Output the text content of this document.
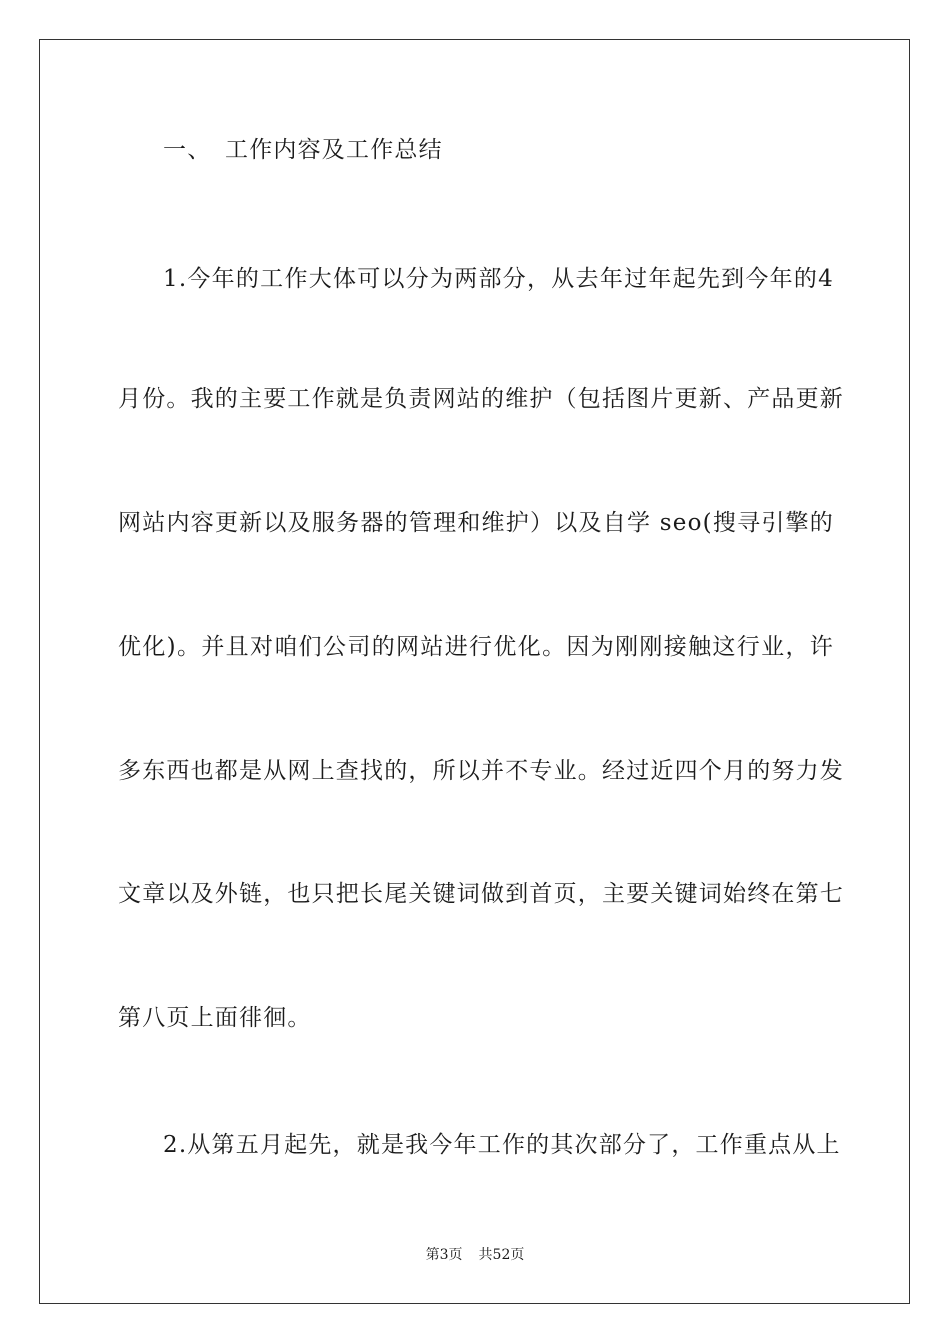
一、 工作内容及工作总结
1.今年的工作大体可以分为两部分，从去年过年起先到今年的4
月份。我的主要工作就是负责网站的维护（包括图片更新、产品更新
网站内容更新以及服务器的管理和维护）以及自学 seo(搜寻引擎的
优化)。并且对咱们公司的网站进行优化。因为刚刚接触这行业，许
多东西也都是从网上查找的，所以并不专业。经过近四个月的努力发
文章以及外链，也只把长尾关键词做到首页，主要关键词始终在第七
第八页上面徘徊。
2.从第五月起先，就是我今年工作的其次部分了，工作重点从上
第3页 共52页
